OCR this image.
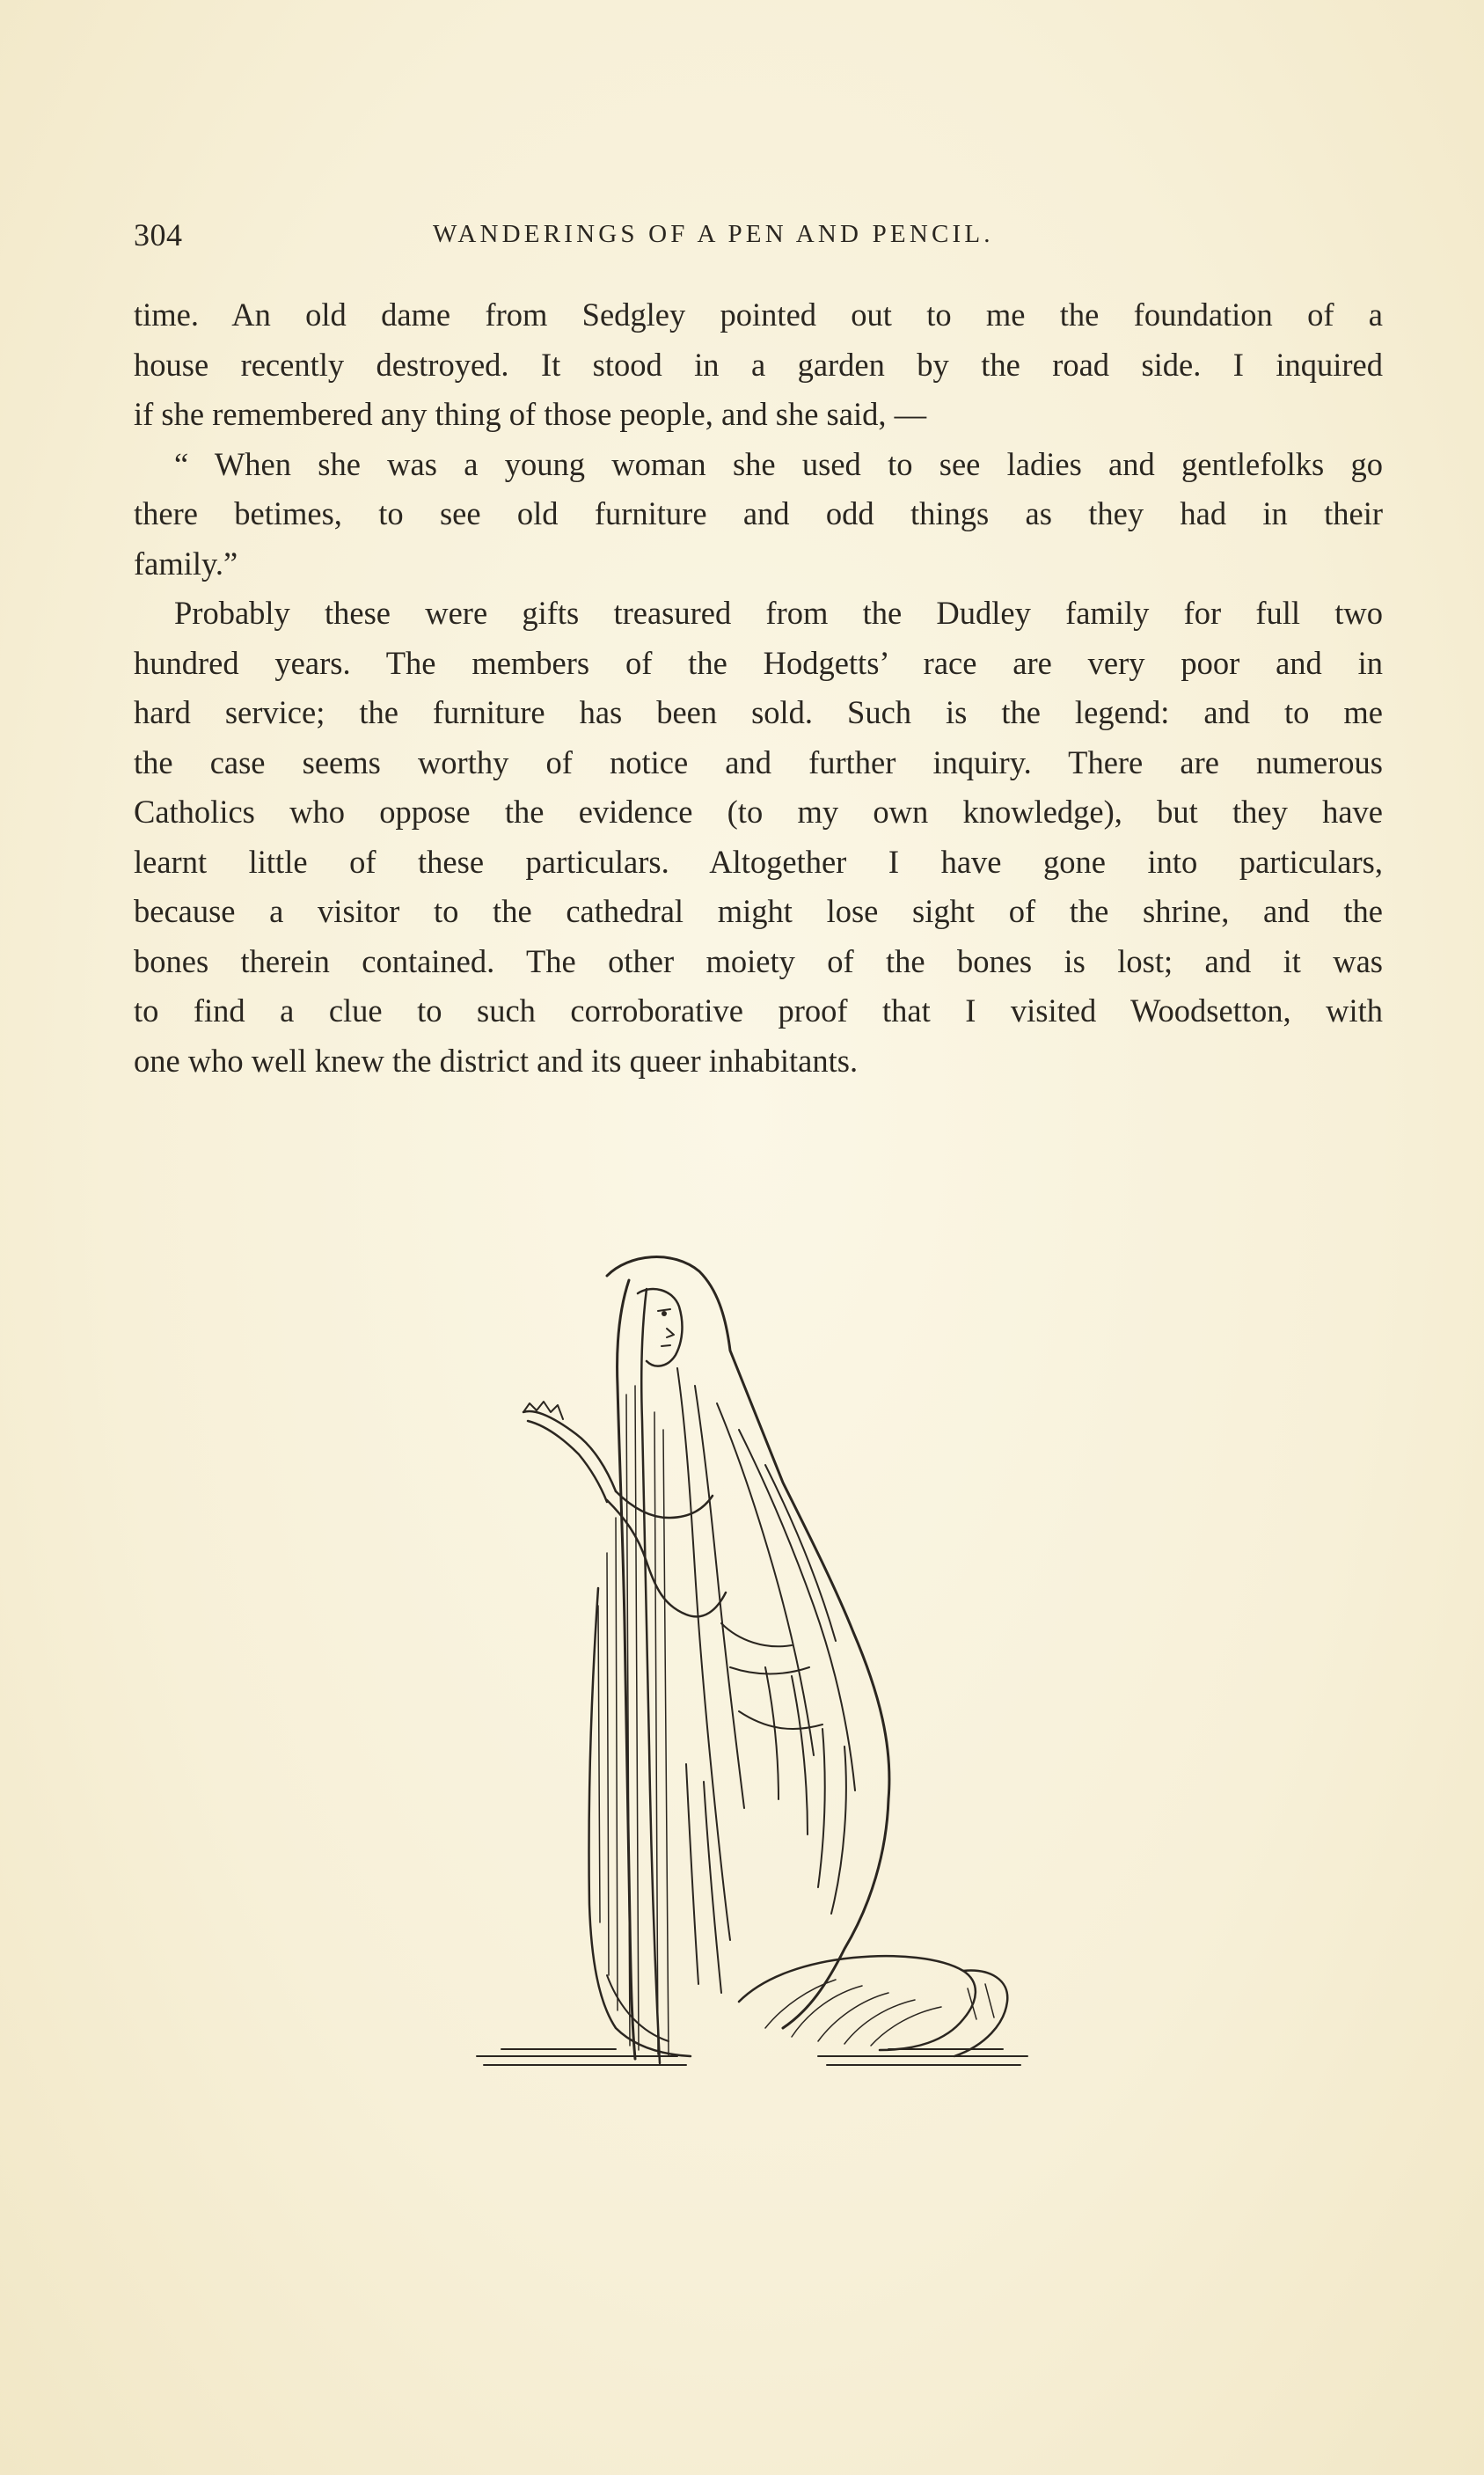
304	WANDERINGS OF A PEN AND PENCIL.
time. An old dame from Sedgley pointed out to me the foundation of a
house recently destroyed. It stood in a garden by the road side. I inquired
if she remembered any thing of those people, and she said, —
“ When she was a young woman she used to see ladies and gentlefolks go
there betimes, to see old furniture and odd things as they had in their
family.”
Probably these were gifts treasured from the Dudley family for full two
hundred years. The members of the Hodgetts’ race are very poor and in
hard service; the furniture has been sold. Such is the legend: and to me
the case seems worthy of notice and further inquiry. There are numerous
Catholics who oppose the evidence (to my own knowledge), but they have
learnt little of these particulars. Altogether I have gone into particulars,
because a visitor to the cathedral might lose sight of the shrine, and the
bones therein contained. The other moiety of the bones is lost; and it was
to find a clue to such corroborative proof that I visited Woodsetton, with
one who well knew the district and its queer inhabitants.
